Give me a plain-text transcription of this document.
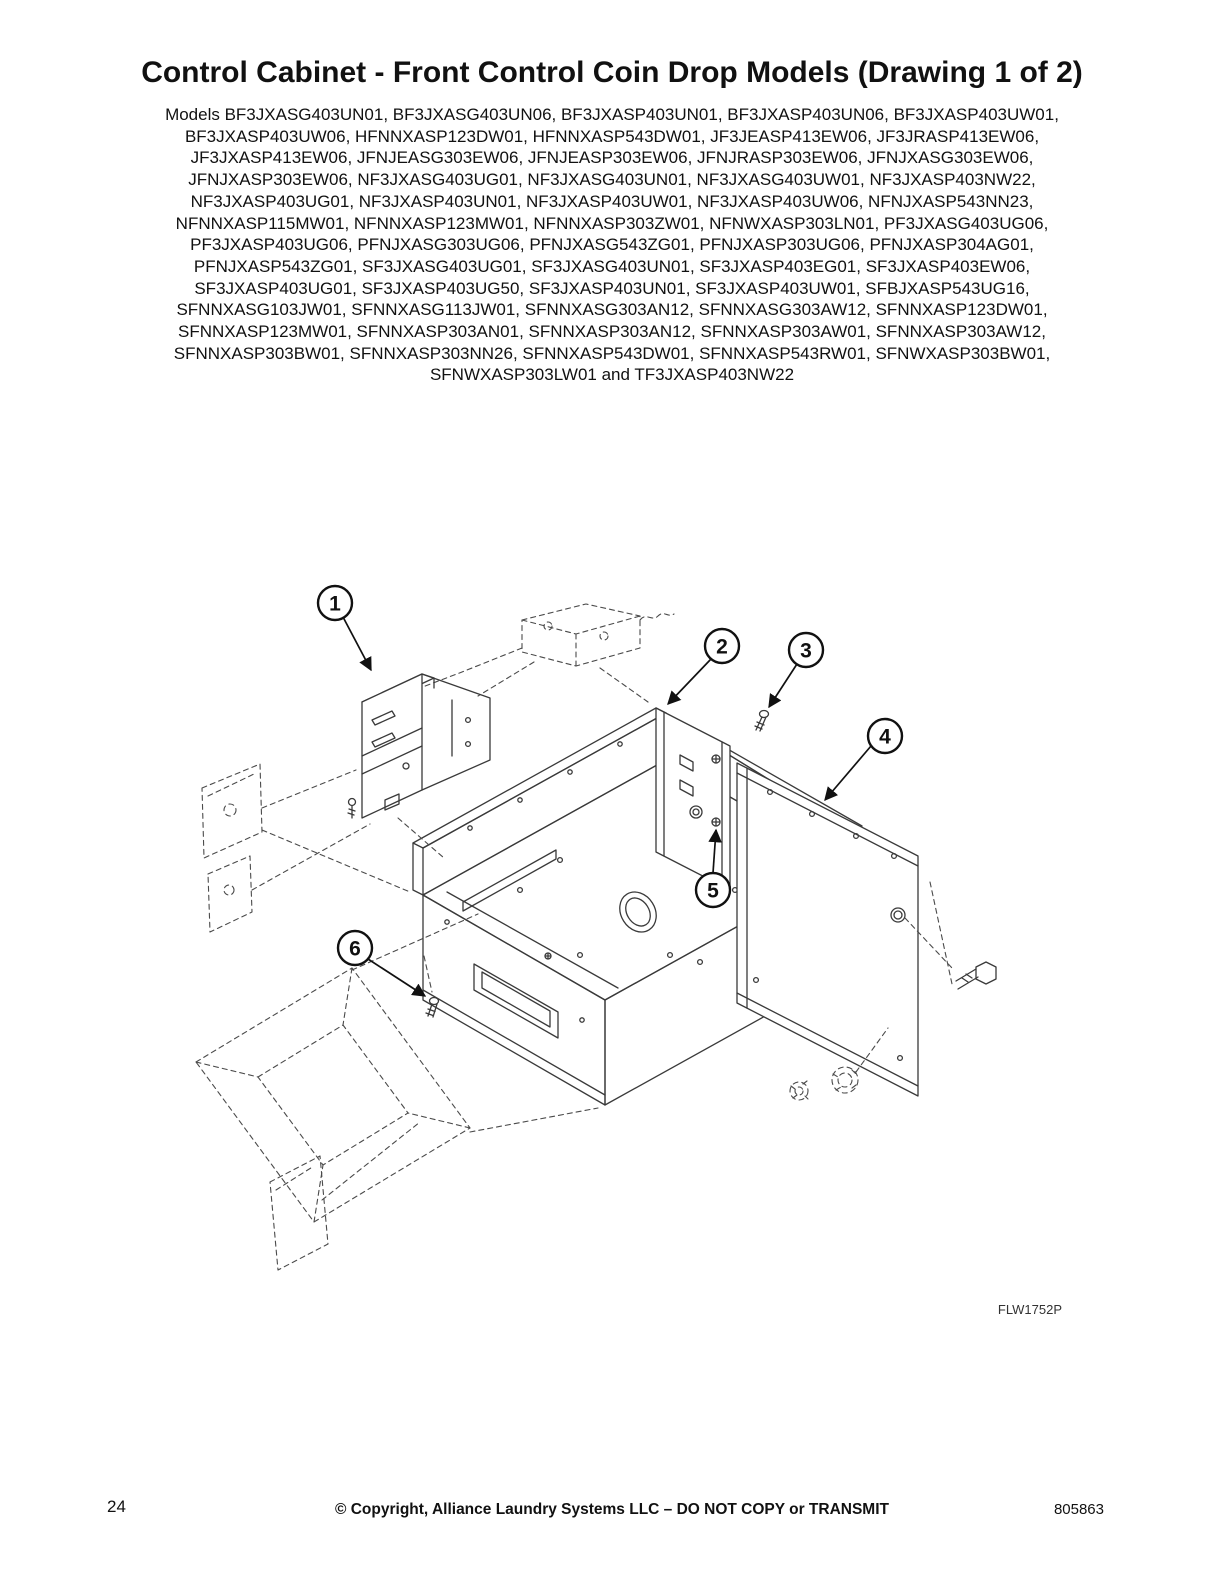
Control Cabinet - Front Control Coin Drop Models (Drawing 1 of 2)
Models BF3JXASG403UN01, BF3JXASG403UN06, BF3JXASP403UN01, BF3JXASP403UN06, BF3JXASP403UW01,
BF3JXASP403UW06, HFNNXASP123DW01, HFNNXASP543DW01, JF3JEASP413EW06, JF3JRASP413EW06,
JF3JXASP413EW06, JFNJEASG303EW06, JFNJEASP303EW06, JFNJRASP303EW06, JFNJXASG303EW06,
JFNJXASP303EW06, NF3JXASG403UG01, NF3JXASG403UN01, NF3JXASG403UW01, NF3JXASP403NW22,
NF3JXASP403UG01, NF3JXASP403UN01, NF3JXASP403UW01, NF3JXASP403UW06, NFNJXASP543NN23,
NFNNXASP115MW01, NFNNXASP123MW01, NFNNXASP303ZW01, NFNWXASP303LN01, PF3JXASG403UG06,
PF3JXASP403UG06, PFNJXASG303UG06, PFNJXASG543ZG01, PFNJXASP303UG06, PFNJXASP304AG01,
PFNJXASP543ZG01, SF3JXASG403UG01, SF3JXASG403UN01, SF3JXASP403EG01, SF3JXASP403EW06,
SF3JXASP403UG01, SF3JXASP403UG50, SF3JXASP403UN01, SF3JXASP403UW01, SFBJXASP543UG16,
SFNNXASG103JW01, SFNNXASG113JW01, SFNNXASG303AN12, SFNNXASG303AW12, SFNNXASP123DW01,
SFNNXASP123MW01, SFNNXASP303AN01, SFNNXASP303AN12, SFNNXASP303AW01, SFNNXASP303AW12,
SFNNXASP303BW01, SFNNXASP303NN26, SFNNXASP543DW01, SFNNXASP543RW01, SFNWXASP303BW01,
SFNWXASP303LW01 and TF3JXASP403NW22
1
2	3
4
5
6
FLW1752P
24	© Copyright, Alliance Laundry Systems LLC – DO NOT COPY or TRANSMIT	805863
